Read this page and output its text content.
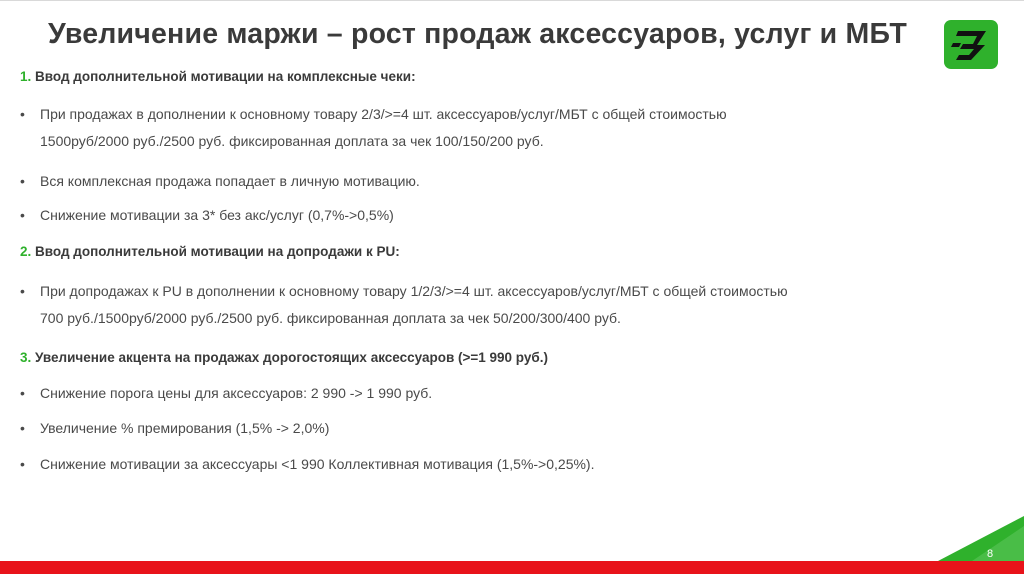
Увеличение маржи – рост продаж аксессуаров, услуг и МБТ
1. Ввод дополнительной мотивации на комплексные чеки:
• При продажах в дополнении к основному товару 2/3/>=4 шт. аксессуаров/услуг/МБТ с общей стоимостью
1500руб/2000 руб./2500 руб. фиксированная доплата за чек 100/150/200 руб.
• Вся комплексная продажа попадает в личную мотивацию.
• Снижение мотивации за 3* без акс/услуг (0,7%->0,5%)
2. Ввод дополнительной мотивации на допродажи к PU:
• При допродажах к PU в дополнении к основному товару 1/2/3/>=4 шт. аксессуаров/услуг/МБТ с общей стоимостью
700 руб./1500руб/2000 руб./2500 руб. фиксированная доплата за чек 50/200/300/400 руб.
3. Увеличение акцента на продажах дорогостоящих аксессуаров (>=1 990 руб.)
• Снижение порога цены для аксессуаров: 2 990 -> 1 990 руб.
• Увеличение % премирования (1,5% -> 2,0%)
• Снижение мотивации за аксессуары <1 990 Коллективная мотивация (1,5%->0,25%).
8
